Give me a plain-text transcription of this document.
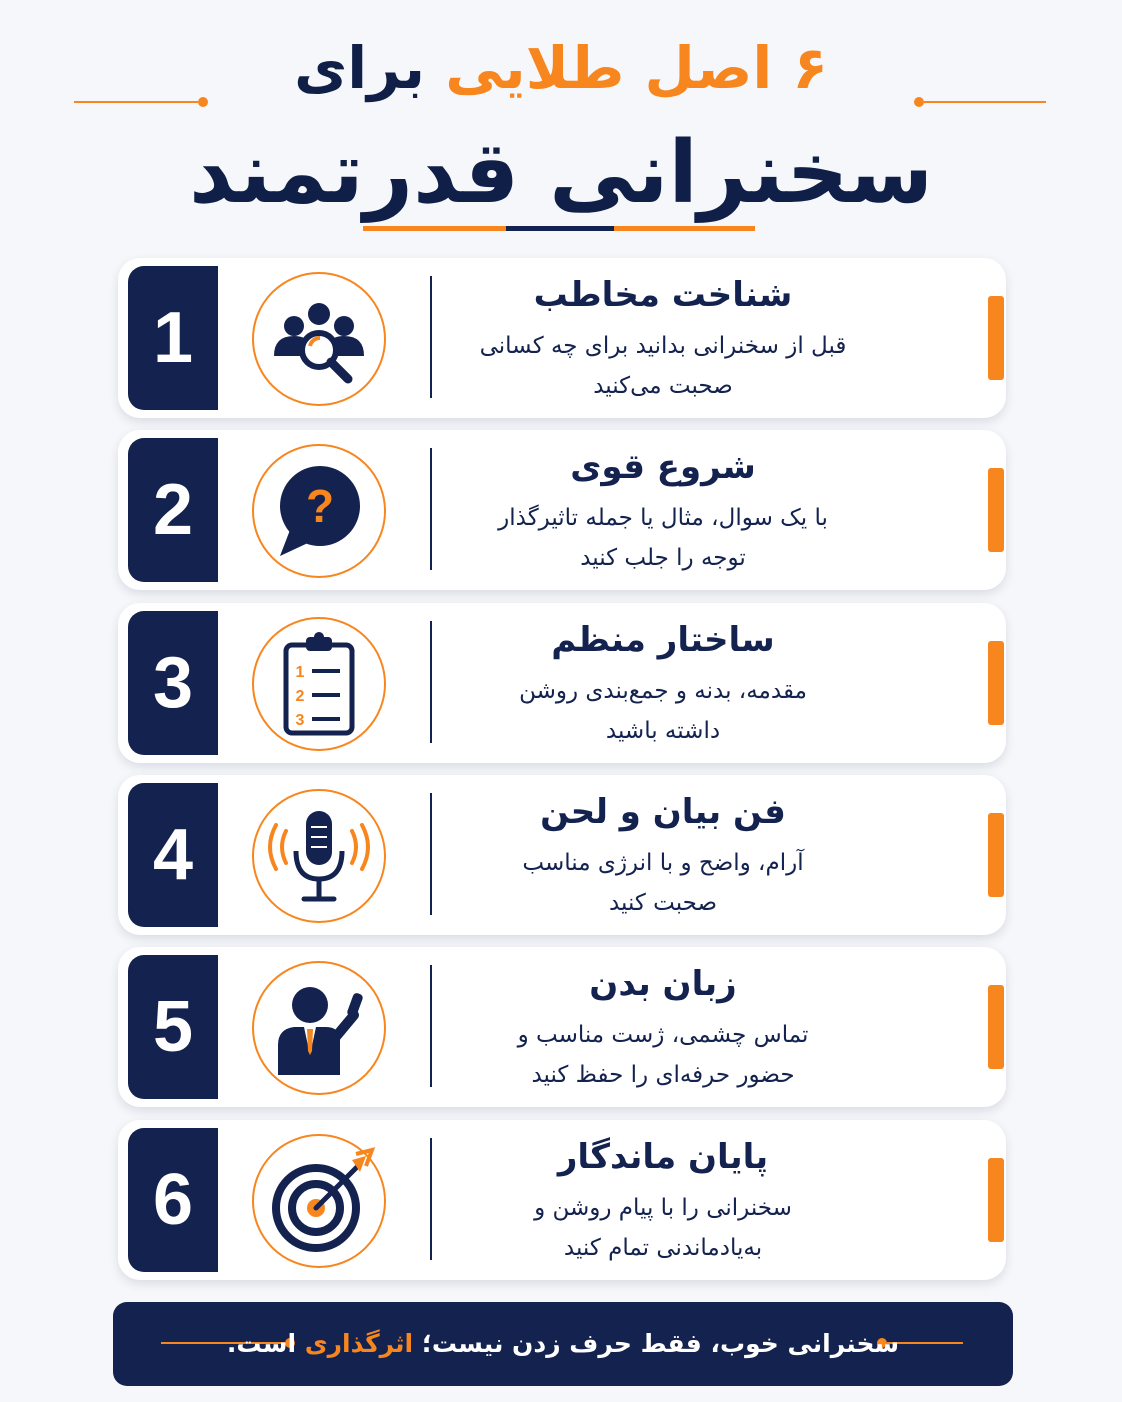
۶ اصل طلایی برای
سخنرانی قدرتمند
1
شناخت مخاطب
قبل از سخنرانی بدانید برای چه کسانی
صحبت می‌کنید
2	?
شروع قوی
با یک سوال، مثال یا جمله تاثیرگذار
توجه را جلب کنید
3	1
2
3
ساختار منظم
مقدمه، بدنه و جمع‌بندی روشن
داشته باشید
4
فن بیان و لحن
آرام، واضح و با انرژی مناسب
صحبت کنید
5
زبان بدن
تماس چشمی، ژست مناسب و
حضور حرفه‌ای را حفظ کنید
6
پایان ماندگار
سخنرانی را با پیام روشن و
به‌یادماندنی تمام کنید
سخنرانی خوب، فقط حرف زدن نیست؛ اثرگذاری است.
